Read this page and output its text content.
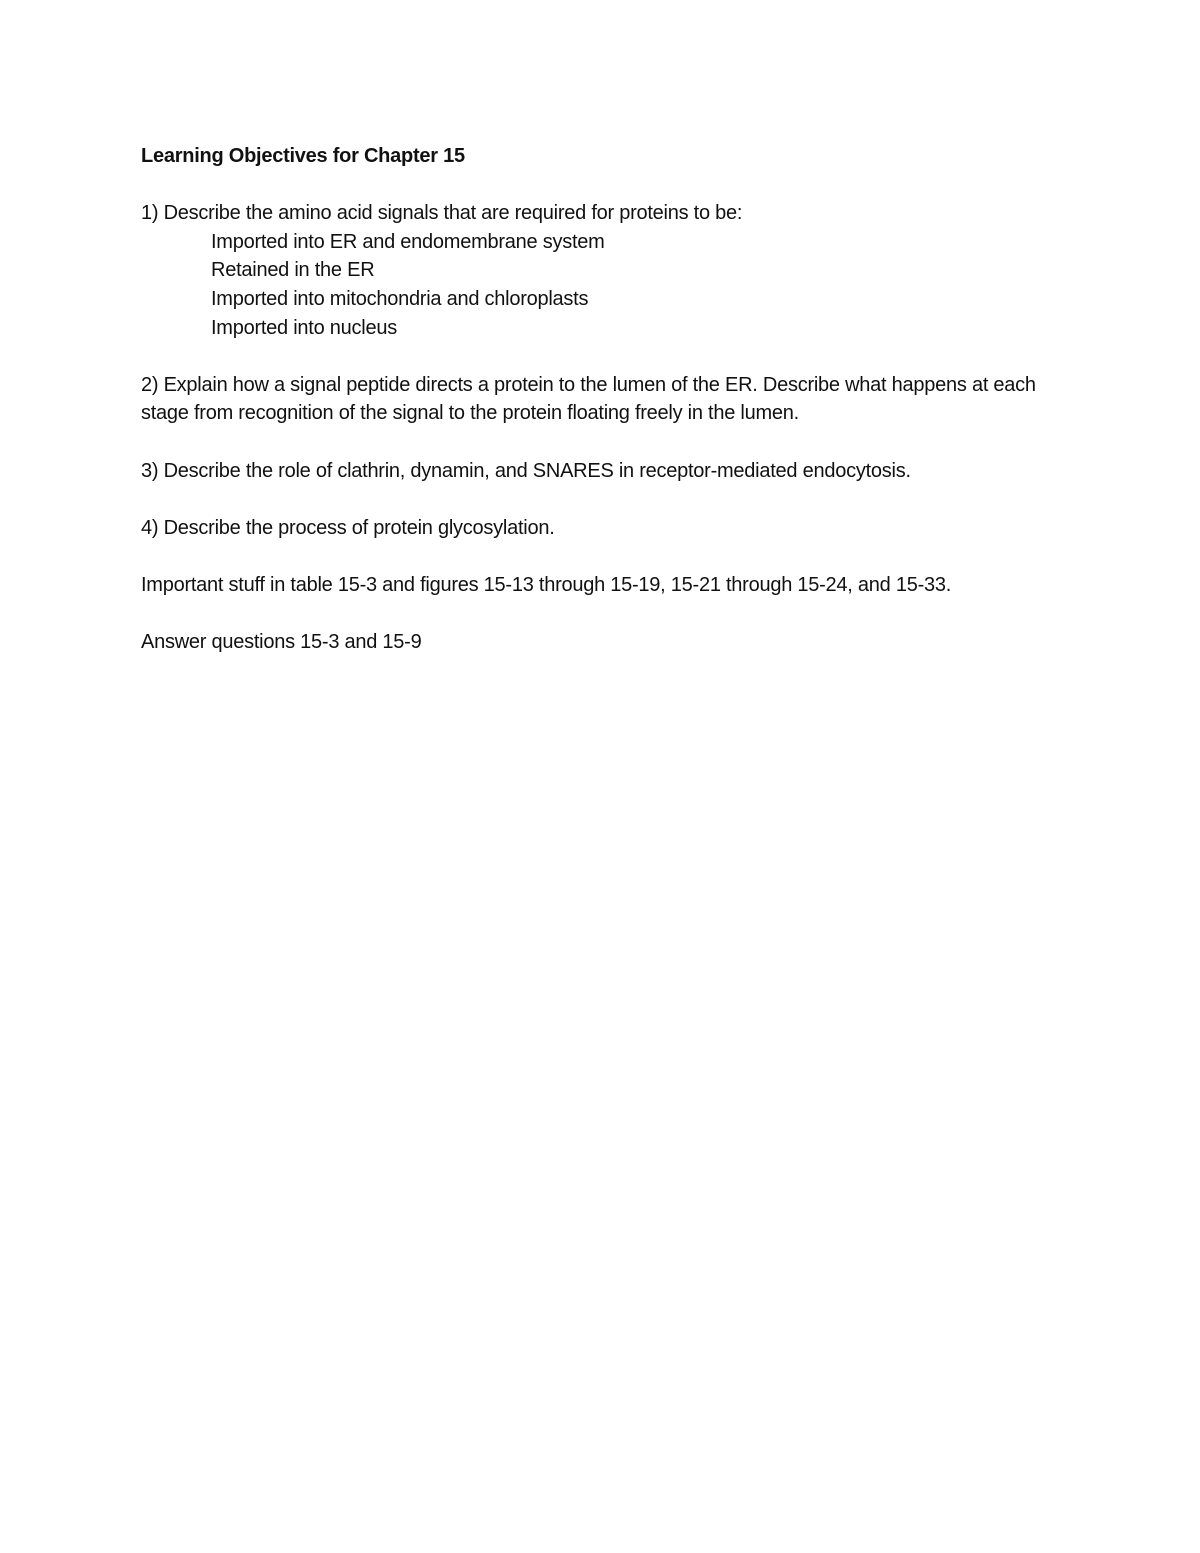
Learning Objectives for Chapter 15
1) Describe the amino acid signals that are required for proteins to be:
Imported into ER and endomembrane system
Retained in the ER
Imported into mitochondria and chloroplasts
Imported into nucleus
2) Explain how a signal peptide directs a protein to the lumen of the ER. Describe what happens at each stage from recognition of the signal to the protein floating freely in the lumen.
3) Describe the role of clathrin, dynamin, and SNARES in receptor-mediated endocytosis.
4) Describe the process of protein glycosylation.
Important stuff in table 15-3 and figures 15-13 through 15-19, 15-21 through 15-24, and 15-33.
Answer questions 15-3 and 15-9
